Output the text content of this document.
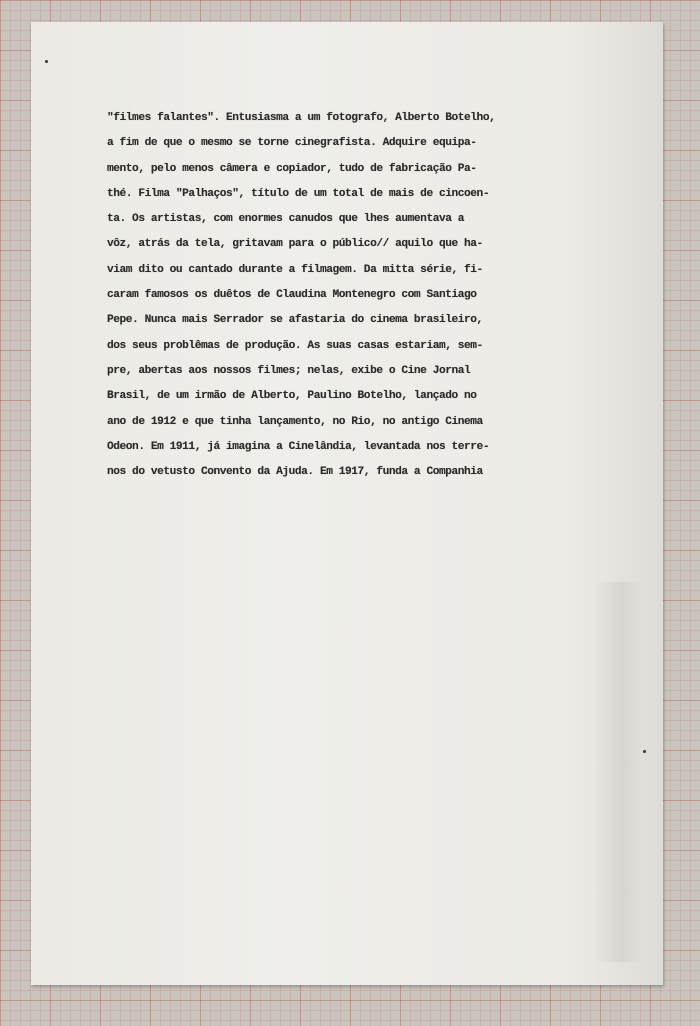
"filmes falantes". Entusiasma a um fotografo, Alberto Botelho,
a fim de que o mesmo se torne cinegrafista. Adquire equipa-
mento, pelo menos câmera e copiador, tudo de fabricação Pa-
thé. Filma "Palhaços", título de um total de mais de cincoen-
ta. Os artistas, com enormes canudos que lhes aumentava a
vôz, atrás da tela, gritavam para o público// aquilo que ha-
viam dito ou cantado durante a filmagem. Da mitta série, fi-
caram famosos os duêtos de Claudina Montenegro com Santiago
Pepe. Nunca mais Serrador se afastaria do cinema brasileiro,
dos seus problêmas de produção. As suas casas estariam, sem-
pre, abertas aos nossos filmes; nelas, exibe o Cine Jornal
Brasil, de um irmão de Alberto, Paulino Botelho, lançado no
ano de 1912 e que tinha lançamento, no Rio, no antigo Cinema
Odeon. Em 1911, já imagina a Cinelândia, levantada nos terre-
nos do vetusto Convento da Ajuda. Em 1917, funda a Companhia
